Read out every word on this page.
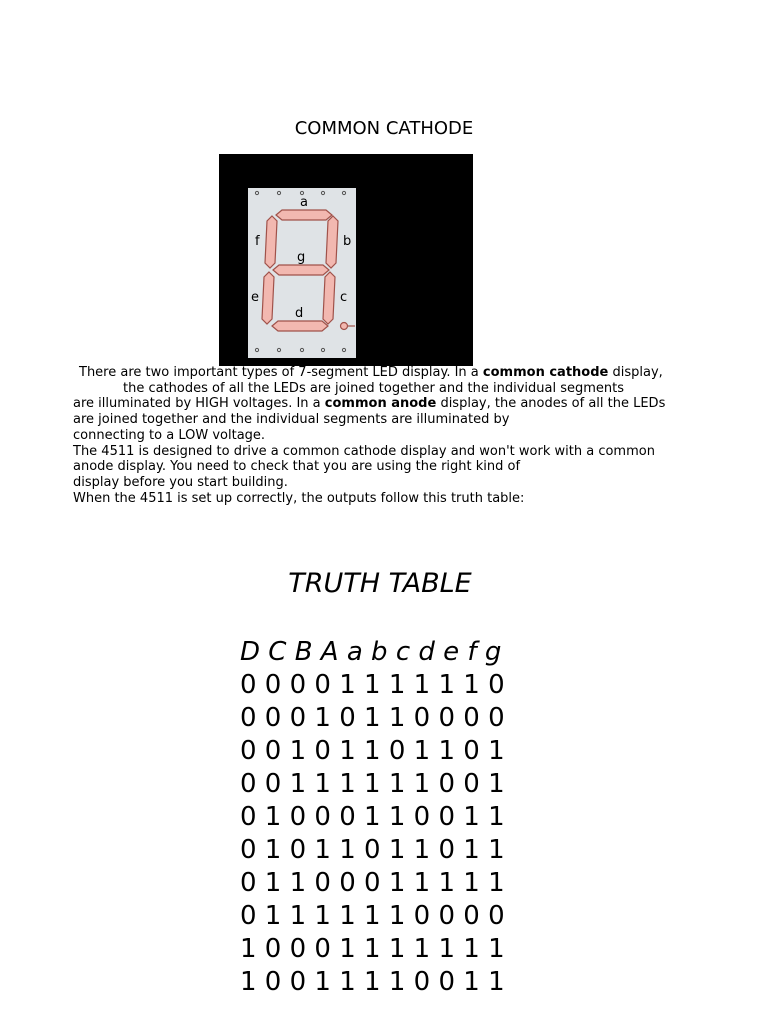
COMMON CATHODE
a
b
c
d
e
f
g
There are two important types of 7-segment LED display. In a common cathode display,
the cathodes of all the LEDs are joined together and the individual segments
are illuminated by HIGH voltages. In a common anode display, the anodes of all the LEDs
are joined together and the individual segments are illuminated by
connecting to a LOW voltage.
The 4511 is designed to drive a common cathode display and won't work with a common
anode display. You need to check that you are using the right kind of
display before you start building.
When the 4511 is set up correctly, the outputs follow this truth table:
TRUTH TABLE
D C B A a b c d e f g
0 0 0 0 1 1 1 1 1 1 0
0 0 0 1 0 1 1 0 0 0 0
0 0 1 0 1 1 0 1 1 0 1
0 0 1 1 1 1 1 1 0 0 1
0 1 0 0 0 1 1 0 0 1 1
0 1 0 1 1 0 1 1 0 1 1
0 1 1 0 0 0 1 1 1 1 1
0 1 1 1 1 1 1 0 0 0 0
1 0 0 0 1 1 1 1 1 1 1
1 0 0 1 1 1 1 0 0 1 1
